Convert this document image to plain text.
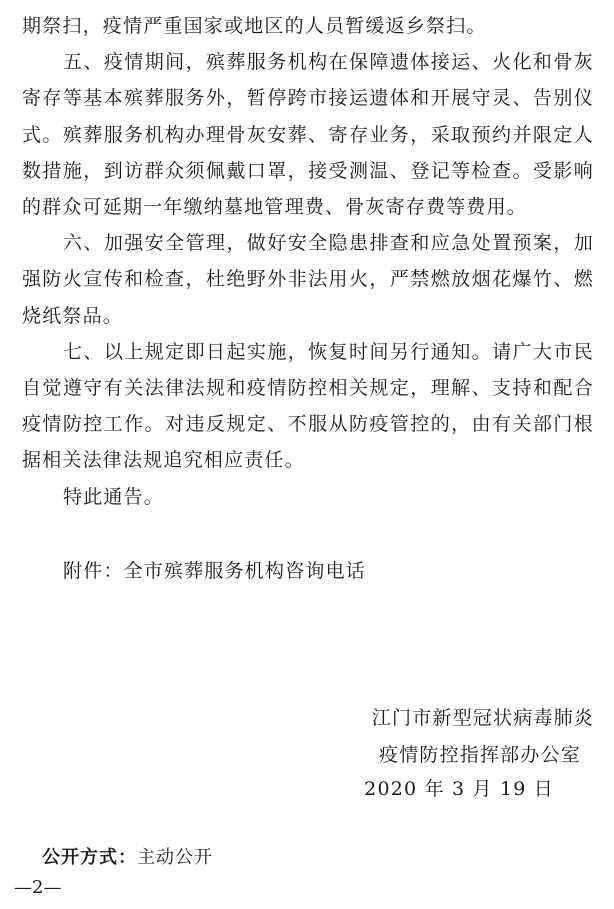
期祭扫，疫情严重国家或地区的人员暂缓返乡祭扫。

五、疫情期间，殡葬服务机构在保障遗体接运、火化和骨灰寄存等基本殡葬服务外，暂停跨市接运遗体和开展守灵、告别仪式。殡葬服务机构办理骨灰安葬、寄存业务，采取预约并限定人数措施，到访群众须佩戴口罩，接受测温、登记等检查。受影响的群众可延期一年缴纳墓地管理费、骨灰寄存费等费用。

六、加强安全管理，做好安全隐患排查和应急处置预案，加强防火宣传和检查，杜绝野外非法用火，严禁燃放烟花爆竹、燃烧纸祭品。

七、以上规定即日起实施，恢复时间另行通知。请广大市民自觉遵守有关法律法规和疫情防控相关规定，理解、支持和配合疫情防控工作。对违反规定、不服从防疫管控的，由有关部门根据相关法律法规追究相应责任。

特此通告。

附件：全市殡葬服务机构咨询电话
江门市新型冠状病毒肺炎
疫情防控指挥部办公室
2020 年 3 月 19 日
公开方式：主动公开
—2—
